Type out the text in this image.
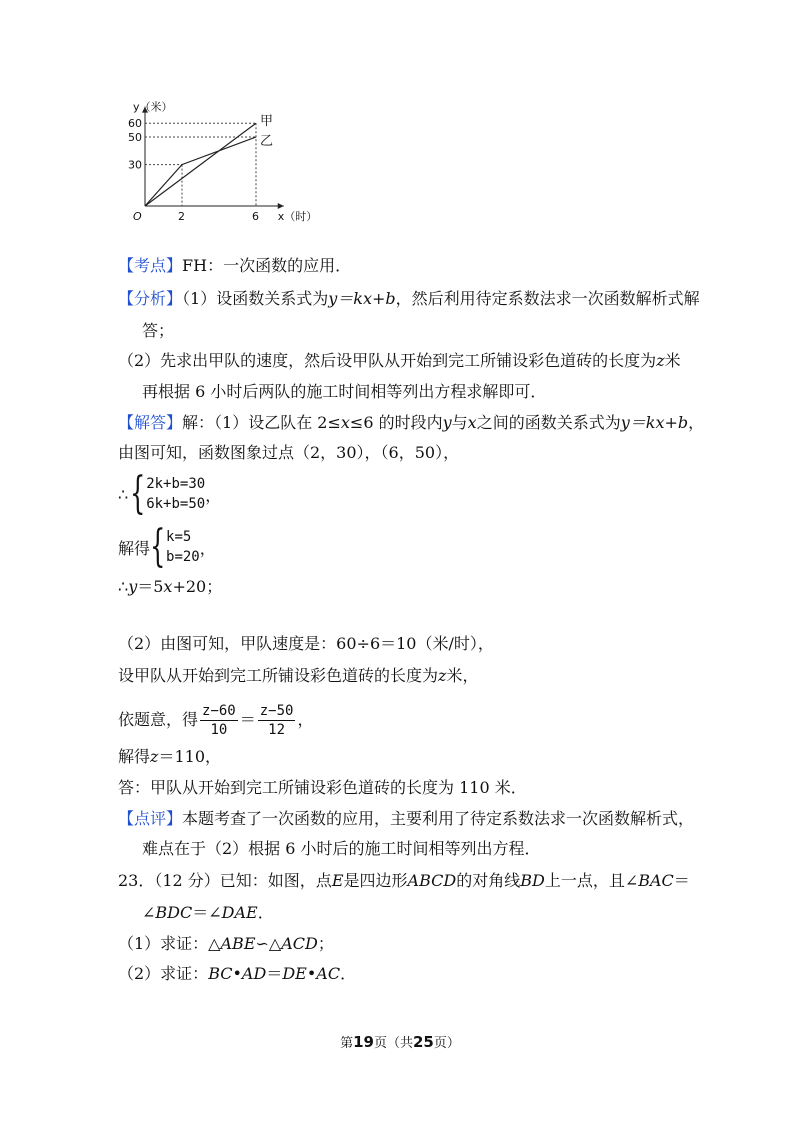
甲
乙
2	6
30
50
60
O	x（时）
y（米）
【考点】FH：一次函数的应用．
【分析】（1）设函数关系式为y＝kx+b，然后利用待定系数法求一次函数解析式解
答；
（2）先求出甲队的速度，然后设甲队从开始到完工所铺设彩色道砖的长度为z米
再根据 6 小时后两队的施工时间相等列出方程求解即可．
【解答】解：（1）设乙队在 2≤x≤6 的时段内y与x之间的函数关系式为y＝kx+b，
由图可知，函数图象过点（2，30），（6，50），
∴ { 2k+b=30
6k+b=50 ，
解得 { k=5
b=20 ，
∴y＝5x+20；
（2）由图可知，甲队速度是：60÷6＝10（米/时），
设甲队从开始到完工所铺设彩色道砖的长度为z米，
依题意，得 $\frac{z-60}{10} = \frac{z-50}{12}$ ，
解得z＝110，
答：甲队从开始到完工所铺设彩色道砖的长度为 110 米．
【点评】本题考查了一次函数的应用，主要利用了待定系数法求一次函数解析式，
难点在于（2）根据 6 小时后的施工时间相等列出方程．
23．（12 分）已知：如图，点E是四边形ABCD的对角线BD上一点，且∠BAC＝
∠BDC＝∠DAE．
（1）求证：△ABE∽△ACD；
（2）求证：BC•AD＝DE•AC．
第19页（共25页）
